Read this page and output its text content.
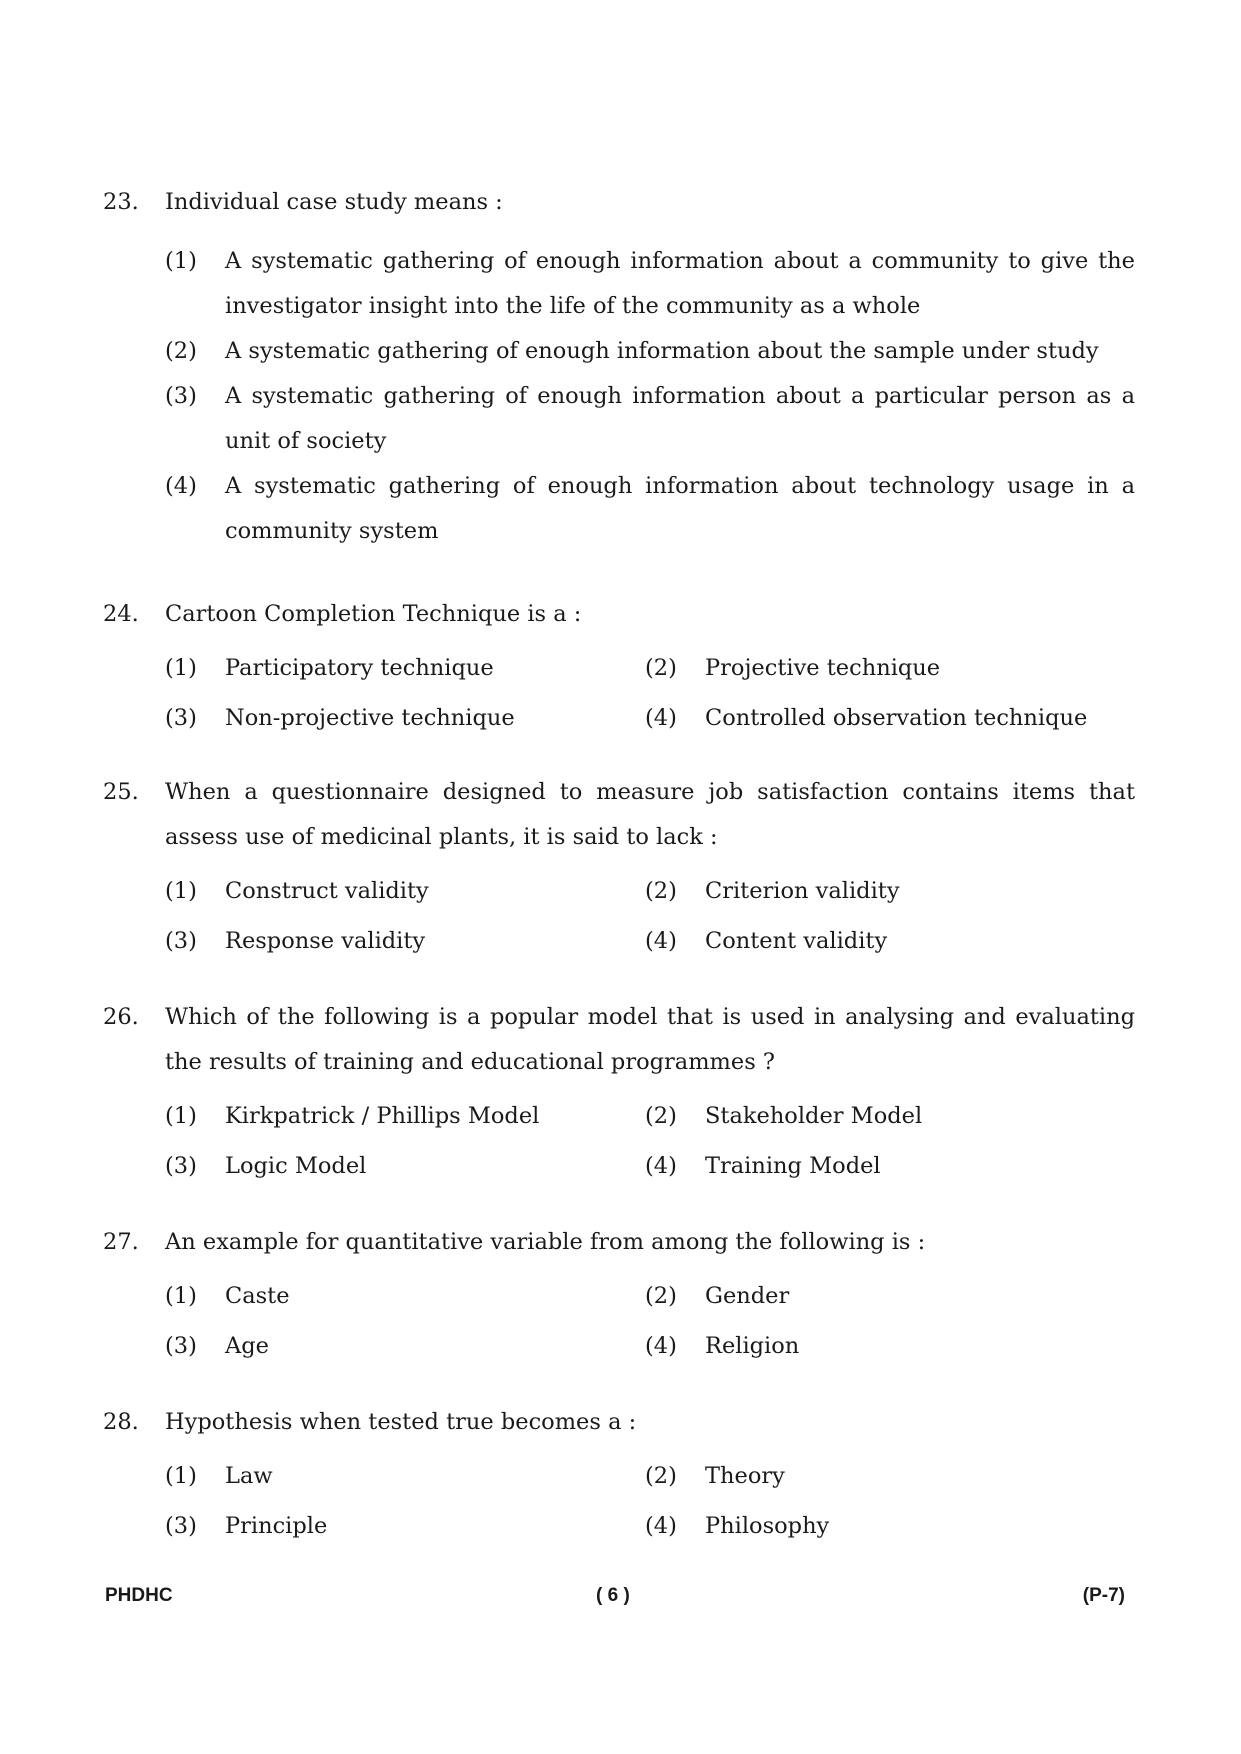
23.	Individual case study means :
(1)	A systematic gathering of enough information about a community to give the investigator insight into the life of the community as a whole
(2)	A systematic gathering of enough information about the sample under study
(3)	A systematic gathering of enough information about a particular person as a unit of society
(4)	A systematic gathering of enough information about technology usage in a community system
24.	Cartoon Completion Technique is a :
(1)	Participatory technique	(2)	Projective technique
(3)	Non-projective technique	(4)	Controlled observation technique
25.	When a questionnaire designed to measure job satisfaction contains items that assess use of medicinal plants, it is said to lack :
(1)	Construct validity	(2)	Criterion validity
(3)	Response validity	(4)	Content validity
26.	Which of the following is a popular model that is used in analysing and evaluating the results of training and educational programmes ?
(1)	Kirkpatrick / Phillips Model	(2)	Stakeholder Model
(3)	Logic Model	(4)	Training Model
27.	An example for quantitative variable from among the following is :
(1)	Caste	(2)	Gender
(3)	Age	(4)	Religion
28.	Hypothesis when tested true becomes a :
(1)	Law	(2)	Theory
(3)	Principle	(4)	Philosophy
PHDHC	( 6 )	(P-7)
